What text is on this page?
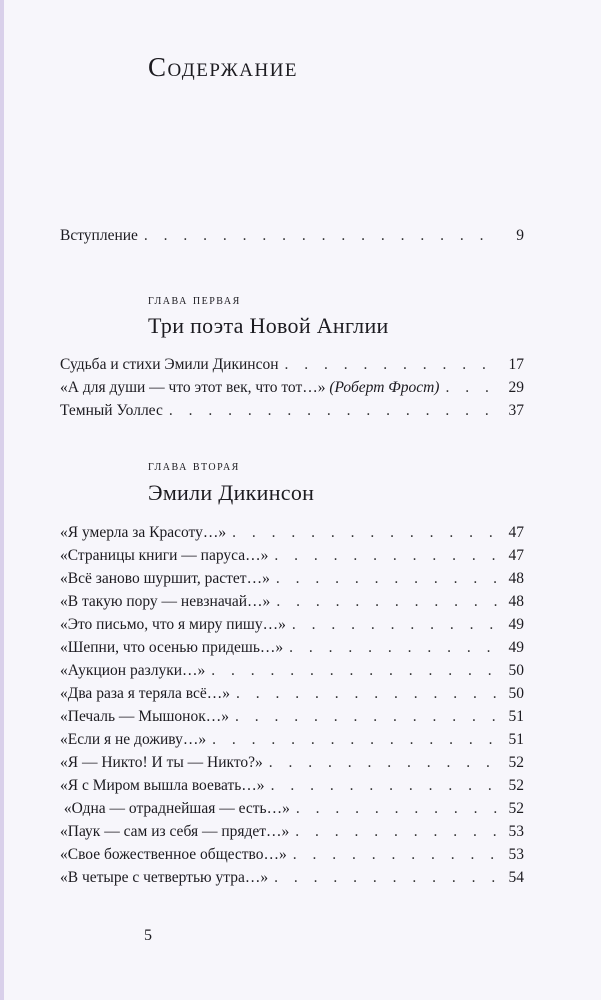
Содержание
Вступление . . .	9
глава первая
Три поэта Новой Англии
Судьба и стихи Эмили Дикинсон . . .	17
«А для души — что этот век, что тот…» (Роберт Фрост) . . .	29
Темный Уоллес . . .	37
глава вторая
Эмили Дикинсон
«Я умерла за Красоту…» . . .	47
«Страницы книги — паруса…» . . .	47
«Всё заново шуршит, растет…» . . .	48
«В такую пору — невзначай…» . . .	48
«Это письмо, что я миру пишу…» . . .	49
«Шепни, что осенью придешь…» . . .	49
«Аукцион разлуки…» . . .	50
«Два раза я теряла всё…» . . .	50
«Печаль — Мышонок…» . . .	51
«Если я не доживу…» . . .	51
«Я — Никто! И ты — Никто?» . . .	52
«Я с Миром вышла воевать…» . . .	52
«Одна — отраднейшая — есть…» . . .	52
«Паук — сам из себя — прядет…» . . .	53
«Свое божественное общество…» . . .	53
«В четыре с четвертью утра…» . . .	54
5
